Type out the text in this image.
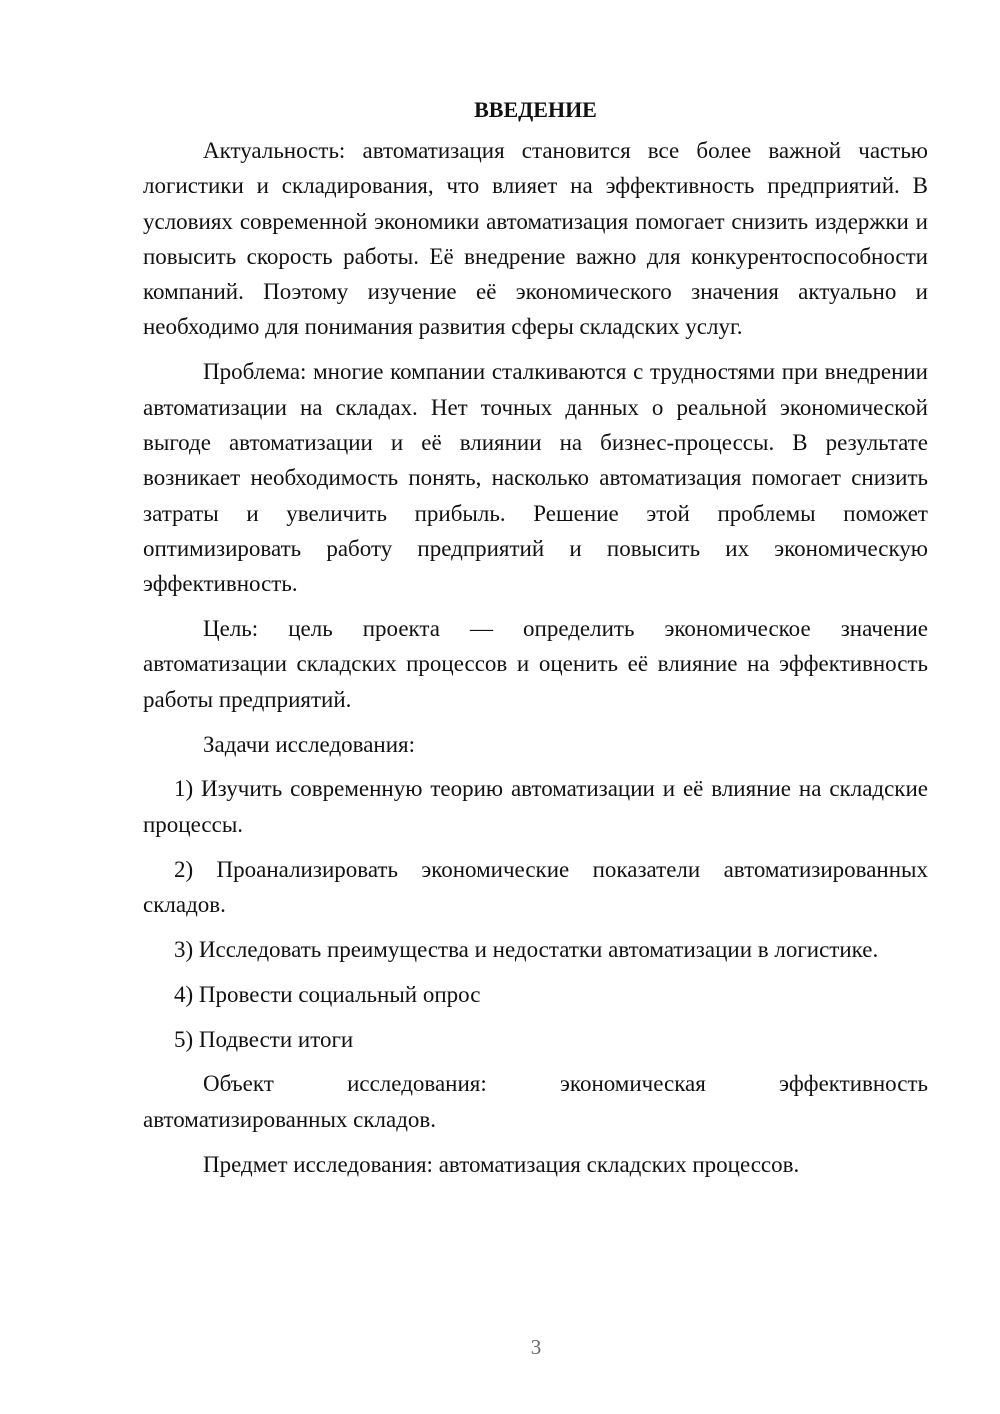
ВВЕДЕНИЕ

Актуальность: автоматизация становится все более важной частью логистики и складирования, что влияет на эффективность предприятий. В условиях современной экономики автоматизация помогает снизить издержки и повысить скорость работы. Её внедрение важно для конкурентоспособности компаний. Поэтому изучение её экономического значения актуально и необходимо для понимания развития сферы складских услуг.

Проблема: многие компании сталкиваются с трудностями при внедрении автоматизации на складах. Нет точных данных о реальной экономической выгоде автоматизации и её влиянии на бизнес-процессы. В результате возникает необходимость понять, насколько автоматизация помогает снизить затраты и увеличить прибыль. Решение этой проблемы поможет оптимизировать работу предприятий и повысить их экономическую эффективность.

Цель: цель проекта — определить экономическое значение автоматизации складских процессов и оценить её влияние на эффективность работы предприятий.

Задачи исследования:

1) Изучить современную теорию автоматизации и её влияние на складские процессы.

2) Проанализировать экономические показатели автоматизированных складов.

3) Исследовать преимущества и недостатки автоматизации в логистике.

4) Провести социальный опрос

5) Подвести итоги

Объект исследования: экономическая эффективность автоматизированных складов.

Предмет исследования: автоматизация складских процессов.

3
